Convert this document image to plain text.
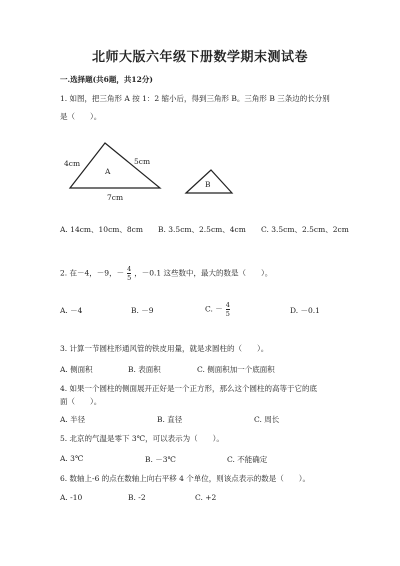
北师大版六年级下册数学期末测试卷
一.选择题(共6题，共12分)
1. 如图，把三角形 A 按 1：2 缩小后，得到三角形 B。三角形 B 三条边的长分别
是（　　）。
A
B
4cm	5cm
7cm
A. 14cm、10cm、8cm B. 3.5cm、2.5cm、4cm C. 3.5cm、2.5cm、2cm
2. 在－4，－9，－ $\frac{4}{5}$ ，－0.1 这些数中，最大的数是（　　）。
A. －4	B. －9	C. － $\frac{4}{5}$	D. －0.1
3. 计算一节圆柱形通风管的铁皮用量，就是求圆柱的（　　）。
A. 侧面积	B. 表面积	C. 侧面积加一个底面积
4. 如果一个圆柱的侧面展开正好是一个正方形，那么这个圆柱的高等于它的底
面（　　）。
A. 半径	B. 直径	C. 周长
5. 北京的气温是零下 3℃，可以表示为（　　）。
A. 3℃	B. －3℃	C. 不能确定
6. 数轴上-6 的点在数轴上向右平移 4 个单位，则该点表示的数是（　　）。
A. -10	B. -2	C. +2
